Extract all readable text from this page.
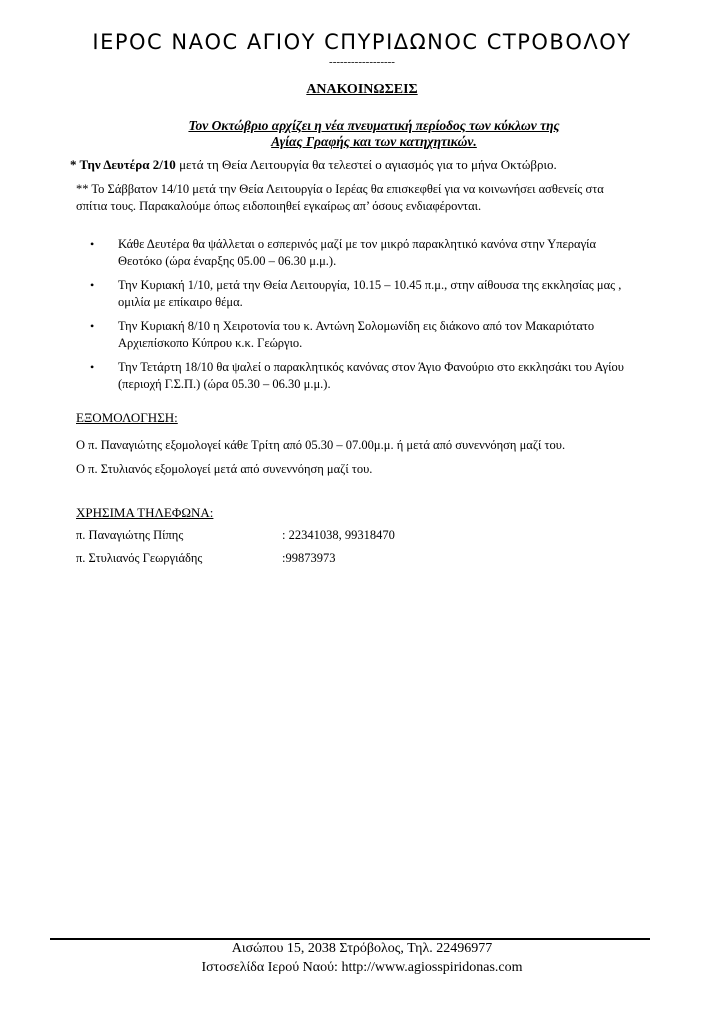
ΙΕΡΟC ΝΑΟC ΑΓΙΟΥ CΠΥΡΙΔΩΝΟC CΤΡΟΒΟΛΟΥ
------------------
ΑΝΑΚΟΙΝΩΣΕΙΣ
Τον Οκτώβριο αρχίζει η νέα πνευματική περίοδος των κύκλων της
Αγίας Γραφής και των κατηχητικών.
* Την Δευτέρα 2/10 μετά τη Θεία Λειτουργία θα τελεστεί ο αγιασμός για το μήνα Οκτώβριο.
** Το Σάββατον 14/10 μετά την Θεία Λειτουργία ο Ιερέας θα επισκεφθεί για να κοινωνήσει ασθενείς στα
σπίτια τους. Παρακαλούμε όπως ειδοποιηθεί εγκαίρως απ’ όσους ενδιαφέρονται.
• Κάθε Δευτέρα θα ψάλλεται ο εσπερινός μαζί με τον μικρό παρακλητικό κανόνα στην Υπεραγία
Θεοτόκο (ώρα έναρξης 05.00 – 06.30 μ.μ.).
• Την Κυριακή 1/10, μετά την Θεία Λειτουργία, 10.15 – 10.45 π.μ., στην αίθουσα της εκκλησίας μας ,
ομιλία με επίκαιρο θέμα.
• Την Κυριακή 8/10 η Χειροτονία του κ. Αντώνη Σολομωνίδη εις διάκονο από τον Μακαριότατο
Αρχιεπίσκοπο Κύπρου κ.κ. Γεώργιο.
• Την Τετάρτη 18/10 θα ψαλεί ο παρακλητικός κανόνας στον Άγιο Φανούριο στο εκκλησάκι του Αγίου
(περιοχή Γ.Σ.Π.) (ώρα 05.30 – 06.30 μ.μ.).
ΕΞΟΜΟΛΟΓΗΣΗ:
Ο π. Παναγιώτης εξομολογεί κάθε Τρίτη από 05.30 – 07.00μ.μ. ή μετά από συνεννόηση μαζί του.
Ο π. Στυλιανός εξομολογεί μετά από συνεννόηση μαζί του.
ΧΡΗΣΙΜΑ ΤΗΛΕΦΩΝΑ:
π. Παναγιώτης Πίπης	: 22341038, 99318470
π. Στυλιανός Γεωργιάδης	:99873973
Αισώπου 15, 2038 Στρόβολος, Τηλ. 22496977
Ιστοσελίδα Ιερού Ναού: http://www.agiosspiridonas.com
